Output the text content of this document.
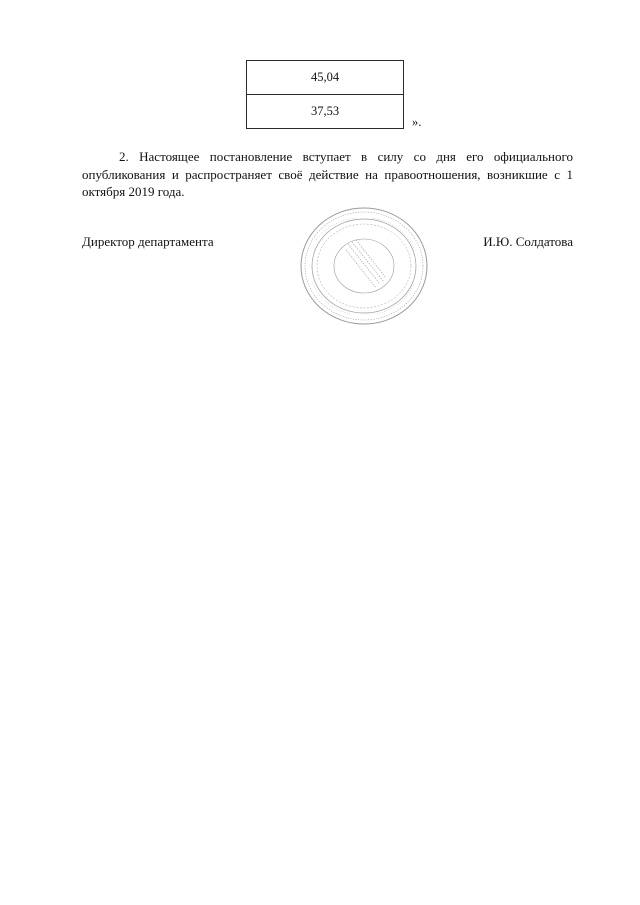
45,04
37,53
».

2. Настоящее постановление вступает в силу со дня его официального опубликования и распространяет своё действие на правоотношения, возникшие с 1 октября 2019 года.

Директор департамента	И.Ю. Солдатова
